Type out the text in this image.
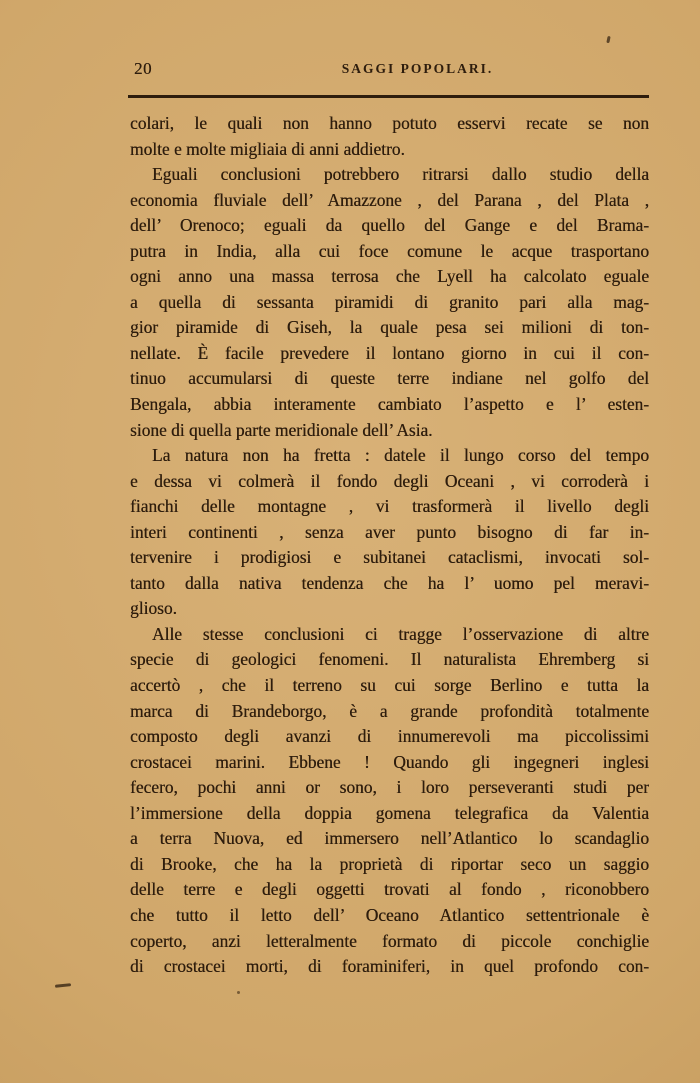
20	SAGGI POPOLARI.
colari, le quali non hanno potuto esservi recate se non
molte e molte migliaia di anni addietro.
Eguali conclusioni potrebbero ritrarsi dallo studio della
economia fluviale dell’ Amazzone , del Parana , del Plata ,
dell’ Orenoco; eguali da quello del Gange e del Brama-
putra in India, alla cui foce comune le acque trasportano
ogni anno una massa terrosa che Lyell ha calcolato eguale
a quella di sessanta piramidi di granito pari alla mag-
gior piramide di Giseh, la quale pesa sei milioni di ton-
nellate. È facile prevedere il lontano giorno in cui il con-
tinuo accumularsi di queste terre indiane nel golfo del
Bengala, abbia interamente cambiato l’aspetto e l’ esten-
sione di quella parte meridionale dell’ Asia.
La natura non ha fretta : datele il lungo corso del tempo
e dessa vi colmerà il fondo degli Oceani , vi corroderà i
fianchi delle montagne , vi trasformerà il livello degli
interi continenti , senza aver punto bisogno di far in-
tervenire i prodigiosi e subitanei cataclismi, invocati sol-
tanto dalla nativa tendenza che ha l’ uomo pel meravi-
glioso.
Alle stesse conclusioni ci tragge l’osservazione di altre
specie di geologici fenomeni. Il naturalista Ehremberg si
accertò , che il terreno su cui sorge Berlino e tutta la
marca di Brandeborgo, è a grande profondità totalmente
composto degli avanzi di innumerevoli ma piccolissimi
crostacei marini. Ebbene ! Quando gli ingegneri inglesi
fecero, pochi anni or sono, i loro perseveranti studi per
l’immersione della doppia gomena telegrafica da Valentia
a terra Nuova, ed immersero nell’Atlantico lo scandaglio
di Brooke, che ha la proprietà di riportar seco un saggio
delle terre e degli oggetti trovati al fondo , riconobbero
che tutto il letto dell’ Oceano Atlantico settentrionale è
coperto, anzi letteralmente formato di piccole conchiglie
di crostacei morti, di foraminiferi, in quel profondo con-
